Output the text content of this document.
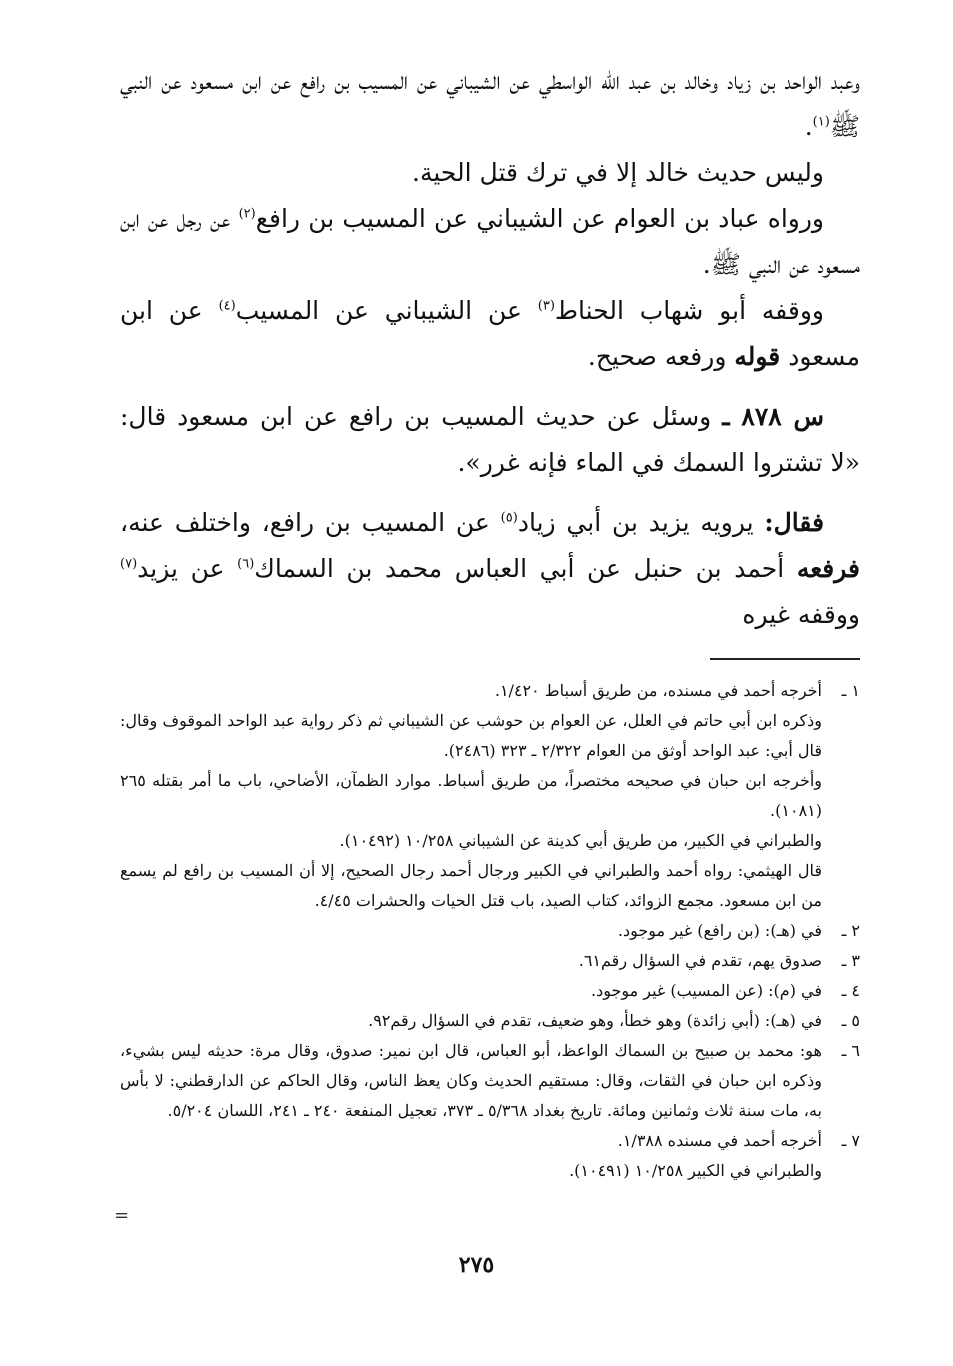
وعبد الواحد بن زياد وخالد بن عبد الله الواسطي عن الشيباني عن المسيب بن رافع عن ابن مسعود عن النبي ﷺ$^{(١)}$.

وليس حديث خالد إلا في ترك قتل الحية.

ورواه عباد بن العوام عن الشيباني عن المسيب بن رافع$^{(٢)}$ عن رجل عن ابن مسعود عن النبي ﷺ.

ووقفه أبو شهاب الحناط$^{(٣)}$ عن الشيباني عن المسيب$^{(٤)}$ عن ابن مسعود قوله ورفعه صحيح.

س ٨٧٨ ـ وسئل عن حديث المسيب بن رافع عن ابن مسعود قال: «لا تشتروا السمك في الماء فإنه غرر».

فقال: يرويه يزيد بن أبي زياد$^{(٥)}$ عن المسيب بن رافع، واختلف عنه، فرفعه أحمد بن حنبل عن أبي العباس محمد بن السماك$^{(٦)}$ عن يزيد$^{(٧)}$ ووقفه غيره

١ ـ

أخرجه أحمد في مسنده، من طريق أسباط ١/٤٢٠.

وذكره ابن أبي حاتم في العلل، عن العوام بن حوشب عن الشيباني ثم ذكر رواية عبد الواحد الموقوف وقال: قال أبي: عبد الواحد أوثق من العوام ٢/٣٢٢ ـ ٣٢٣ (٢٤٨٦).

وأخرجه ابن حبان في صحيحه مختصراً، من طريق أسباط. موارد الظمآن، الأضاحي، باب ما أمر بقتله ٢٦٥ (١٠٨١).

والطبراني في الكبير، من طريق أبي كدينة عن الشيباني ١٠/٢٥٨ (١٠٤٩٢).

قال الهيثمي: رواه أحمد والطبراني في الكبير ورجال أحمد رجال الصحيح، إلا أن المسيب بن رافع لم يسمع من ابن مسعود. مجمع الزوائد، كتاب الصيد، باب قتل الحيات والحشرات ٤/٤٥.

٢ ـ

في (هـ): (بن رافع) غير موجود.

٣ ـ

صدوق يهم، تقدم في السؤال رقم٦١.

٤ ـ

في (م): (عن المسيب) غير موجود.

٥ ـ

في (هـ): (أبي زائدة) وهو خطأ، وهو ضعيف، تقدم في السؤال رقم٩٢.

٦ ـ

هو: محمد بن صبيح بن السماك الواعظ، أبو العباس، قال ابن نمير: صدوق، وقال مرة: حديثه ليس بشيء، وذكره ابن حبان في الثقات، وقال: مستقيم الحديث وكان يعظ الناس، وقال الحاكم عن الدارقطني: لا بأس به، مات سنة ثلاث وثمانين ومائة. تاريخ بغداد ٥/٣٦٨ ـ ٣٧٣، تعجيل المنفعة ٢٤٠ ـ ٢٤١، اللسان ٥/٢٠٤.

٧ ـ

أخرجه أحمد في مسنده ١/٣٨٨.

والطبراني في الكبير ١٠/٢٥٨ (١٠٤٩١).

=
٢٧٥
